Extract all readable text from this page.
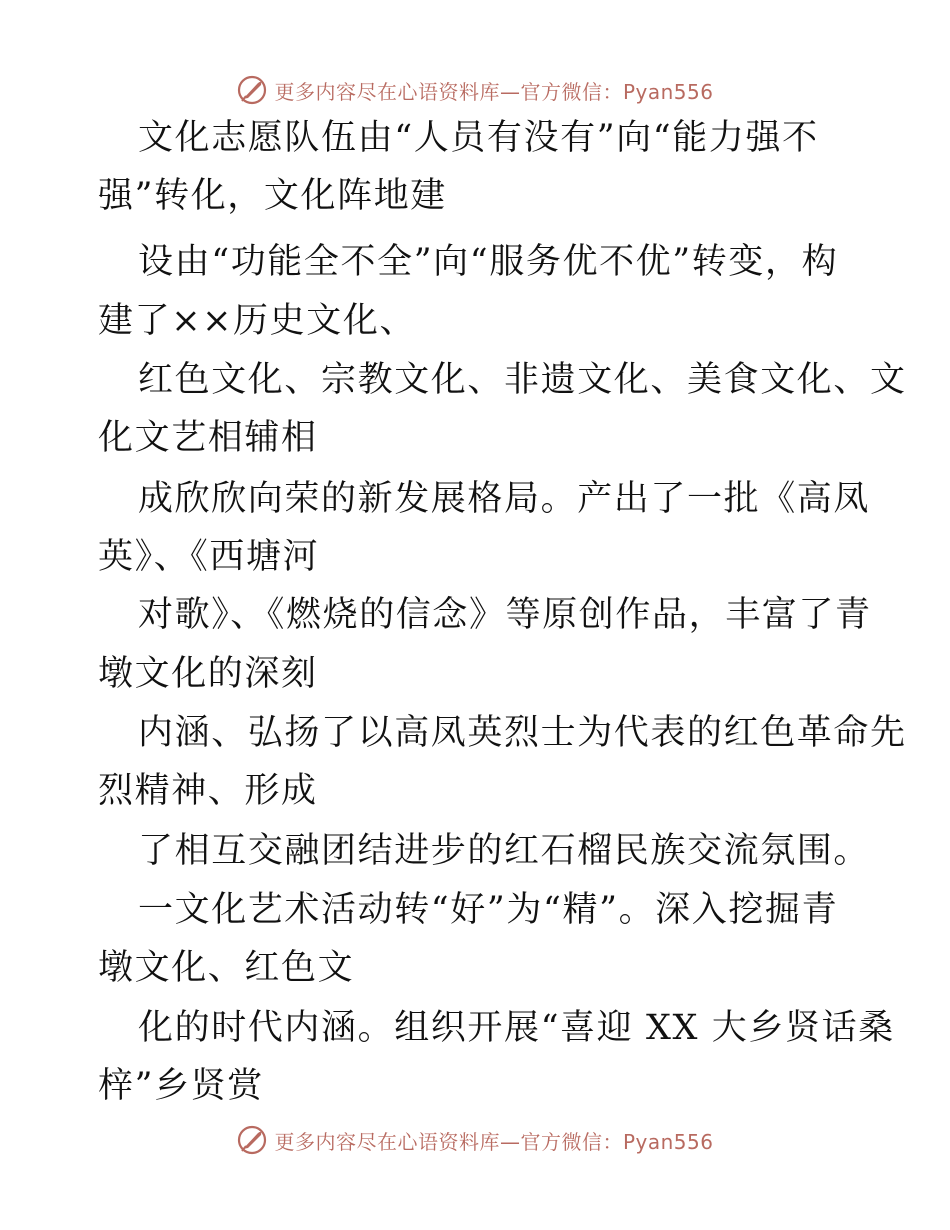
更多内容尽在心语资料库—官方微信：Pyan556
文化志愿队伍由“人员有没有”向“能力强不
强”转化，文化阵地建
设由“功能全不全”向“服务优不优”转变，构
建了××历史文化、
红色文化、宗教文化、非遗文化、美食文化、文
化文艺相辅相
成欣欣向荣的新发展格局。产出了一批《高凤
英》、《西塘河
对歌》、《燃烧的信念》等原创作品，丰富了青
墩文化的深刻
内涵、弘扬了以高凤英烈士为代表的红色革命先
烈精神、形成
了相互交融团结进步的红石榴民族交流氛围。
一文化艺术活动转“好”为“精”。深入挖掘青
墩文化、红色文
化的时代内涵。组织开展“喜迎 XX 大乡贤话桑
梓”乡贤赏
更多内容尽在心语资料库—官方微信：Pyan556
